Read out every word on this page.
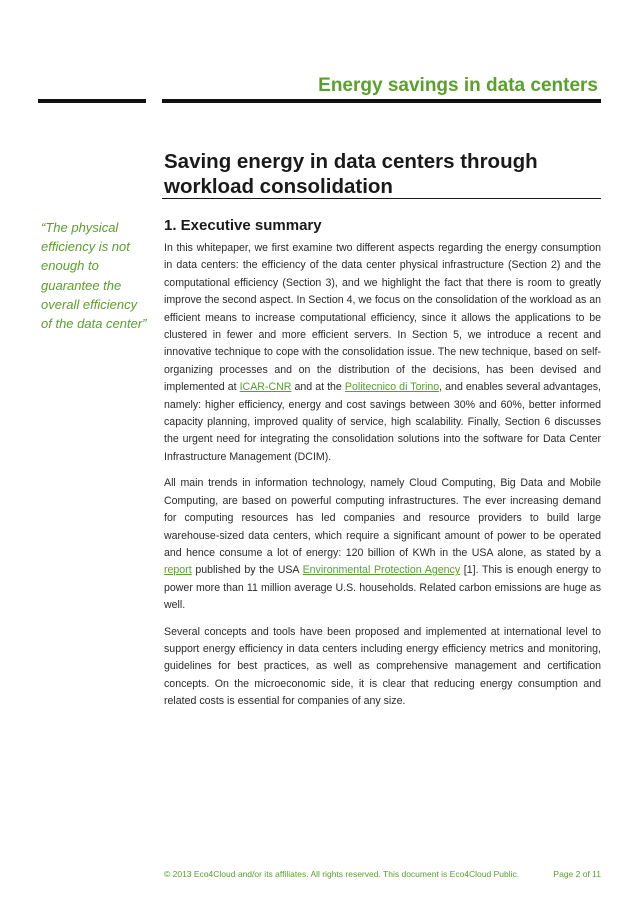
Energy savings in data centers
Saving energy in data centers through
workload consolidation

“The physical efficiency is not enough to guarantee the overall efficiency of the data center”

1. Executive summary

In this whitepaper, we first examine two different aspects regarding the energy consumption in data centers: the efficiency of the data center physical infrastructure (Section 2) and the computational efficiency (Section 3), and we highlight the fact that there is room to greatly improve the second aspect. In Section 4, we focus on the consolidation of the workload as an efficient means to increase computational efficiency, since it allows the applications to be clustered in fewer and more efficient servers. In Section 5, we introduce a recent and innovative technique to cope with the consolidation issue. The new technique, based on self-organizing processes and on the distribution of the decisions, has been devised and implemented at ICAR-CNR and at the Politecnico di Torino, and enables several advantages, namely: higher efficiency, energy and cost savings between 30% and 60%, better informed capacity planning, improved quality of service, high scalability. Finally, Section 6 discusses the urgent need for integrating the consolidation solutions into the software for Data Center Infrastructure Management (DCIM).

All main trends in information technology, namely Cloud Computing, Big Data and Mobile Computing, are based on powerful computing infrastructures. The ever increasing demand for computing resources has led companies and resource providers to build large warehouse-sized data centers, which require a significant amount of power to be operated and hence consume a lot of energy: 120 billion of KWh in the USA alone, as stated by a report published by the USA Environmental Protection Agency [1]. This is enough energy to power more than 11 million average U.S. households. Related carbon emissions are huge as well.

Several concepts and tools have been proposed and implemented at international level to support energy efficiency in data centers including energy efficiency metrics and monitoring, guidelines for best practices, as well as comprehensive management and certification concepts. On the microeconomic side, it is clear that reducing energy consumption and related costs is essential for companies of any size.

© 2013 Eco4Cloud and/or its affiliates. All rights reserved. This document is Eco4Cloud Public.	Page 2 of 11
